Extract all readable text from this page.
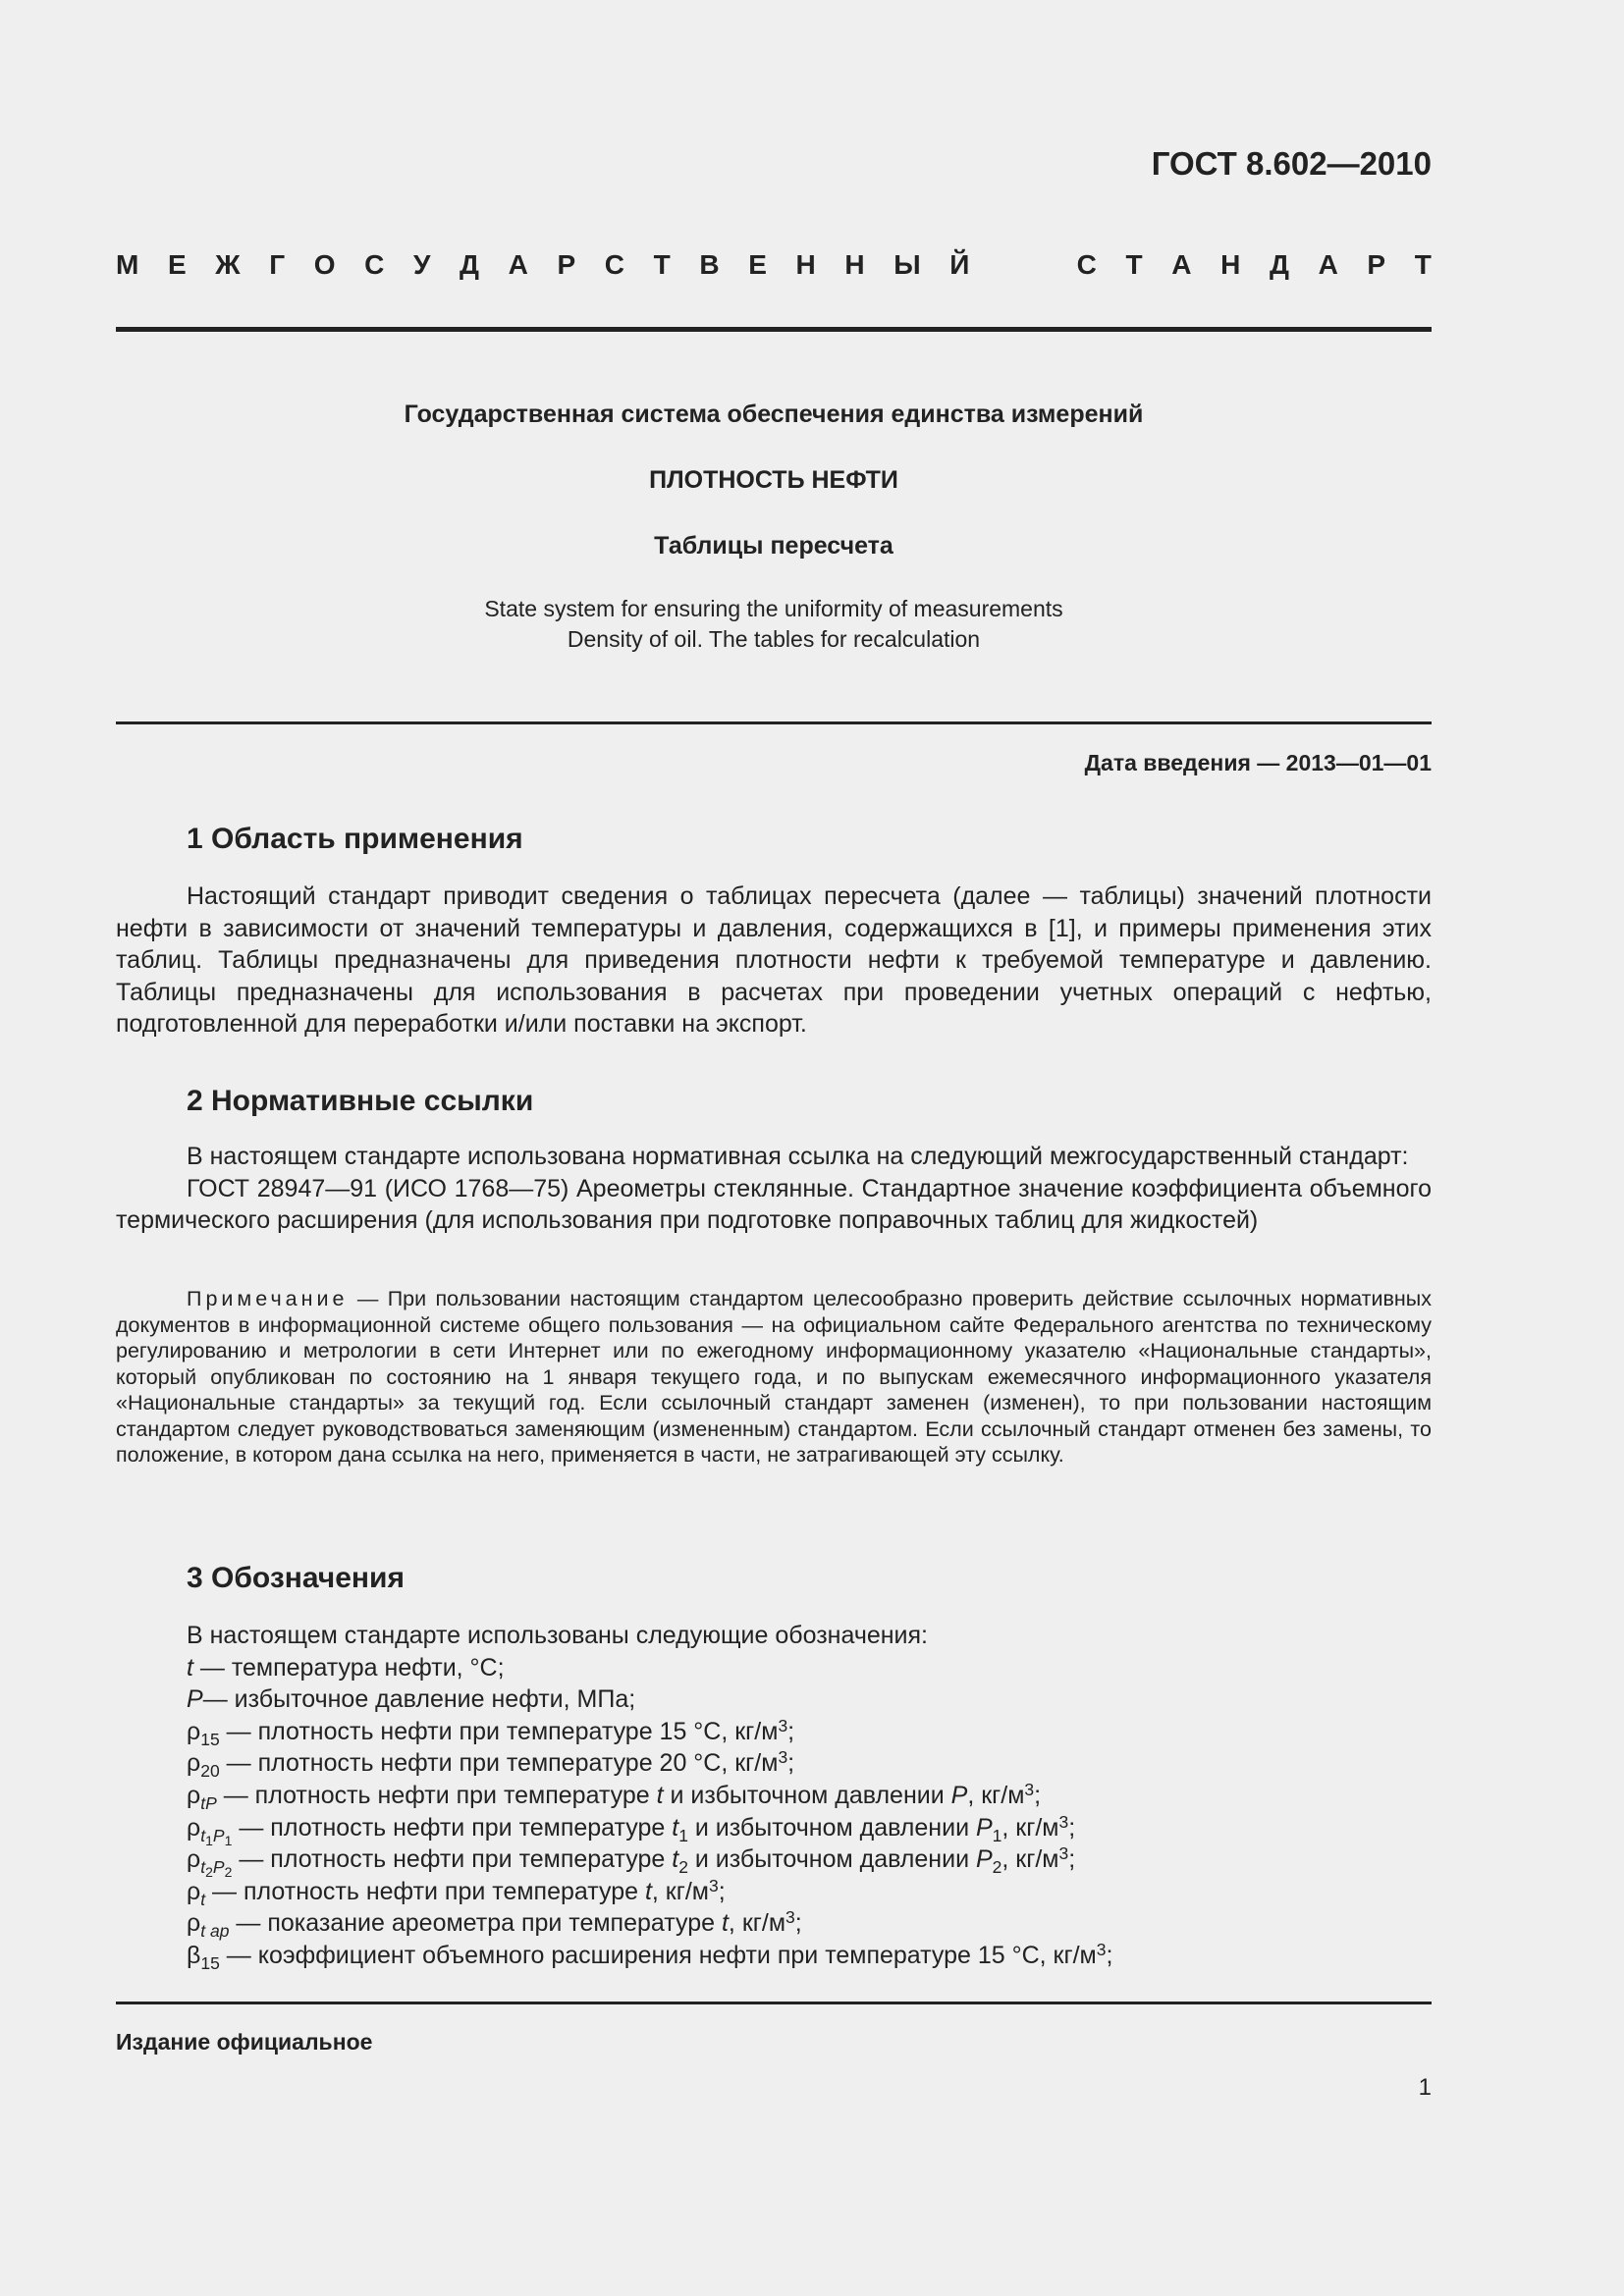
ГОСТ 8.602—2010
М Е Ж Г О С У Д А Р С Т В Е Н Н Ы Й	С Т А Н Д А Р Т
Государственная система обеспечения единства измерений
ПЛОТНОСТЬ НЕФТИ
Таблицы пересчета
State system for ensuring the uniformity of measurements
Density of oil. The tables for recalculation
Дата введения — 2013—01—01
1 Область применения

Настоящий стандарт приводит сведения о таблицах пересчета (далее — таблицы) значений плотности нефти в зависимости от значений температуры и давления, содержащихся в [1], и примеры применения этих таблиц. Таблицы предназначены для приведения плотности нефти к требуемой температуре и давлению. Таблицы предназначены для использования в расчетах при проведении учетных операций с нефтью, подготовленной для переработки и/или поставки на экспорт.

2 Нормативные ссылки

В настоящем стандарте использована нормативная ссылка на следующий межгосударственный стандарт:

ГОСТ 28947—91 (ИСО 1768—75) Ареометры стеклянные. Стандартное значение коэффициента объемного термического расширения (для использования при подготовке поправочных таблиц для жидкостей)

Примечание — При пользовании настоящим стандартом целесообразно проверить действие ссылочных нормативных документов в информационной системе общего пользования — на официальном сайте Федерального агентства по техническому регулированию и метрологии в сети Интернет или по ежегодному информационному указателю «Национальные стандарты», который опубликован по состоянию на 1 января текущего года, и по выпускам ежемесячного информационного указателя «Национальные стандарты» за текущий год. Если ссылочный стандарт заменен (изменен), то при пользовании настоящим стандартом следует руководствоваться заменяющим (измененным) стандартом. Если ссылочный стандарт отменен без замены, то положение, в котором дана ссылка на него, применяется в части, не затрагивающей эту ссылку.

3 Обозначения
В настоящем стандарте использованы следующие обозначения:
t — температура нефти, °С;
P— избыточное давление нефти, МПа;
$\rho_{15}$ — плотность нефти при температуре 15 °С, $кг/м^3$;
$\rho_{20}$ — плотность нефти при температуре 20 °С, $кг/м^3$;
$\rho_{tP}$ — плотность нефти при температуре t и избыточном давлении P, $кг/м^3$;
$\rho_{t_1P_1}$ — плотность нефти при температуре $t_1$ и избыточном давлении $P_1$, $кг/м^3$;
$\rho_{t_2P_2}$ — плотность нефти при температуре $t_2$ и избыточном давлении $P_2$, $кг/м^3$;
$\rho_t$ — плотность нефти при температуре t, $кг/м^3$;
$\rho_{t ар}$ — показание ареометра при температуре t, $кг/м^3$;
$\beta_{15}$ — коэффициент объемного расширения нефти при температуре 15 °С, $кг/м^3$;
Издание официальное
1
